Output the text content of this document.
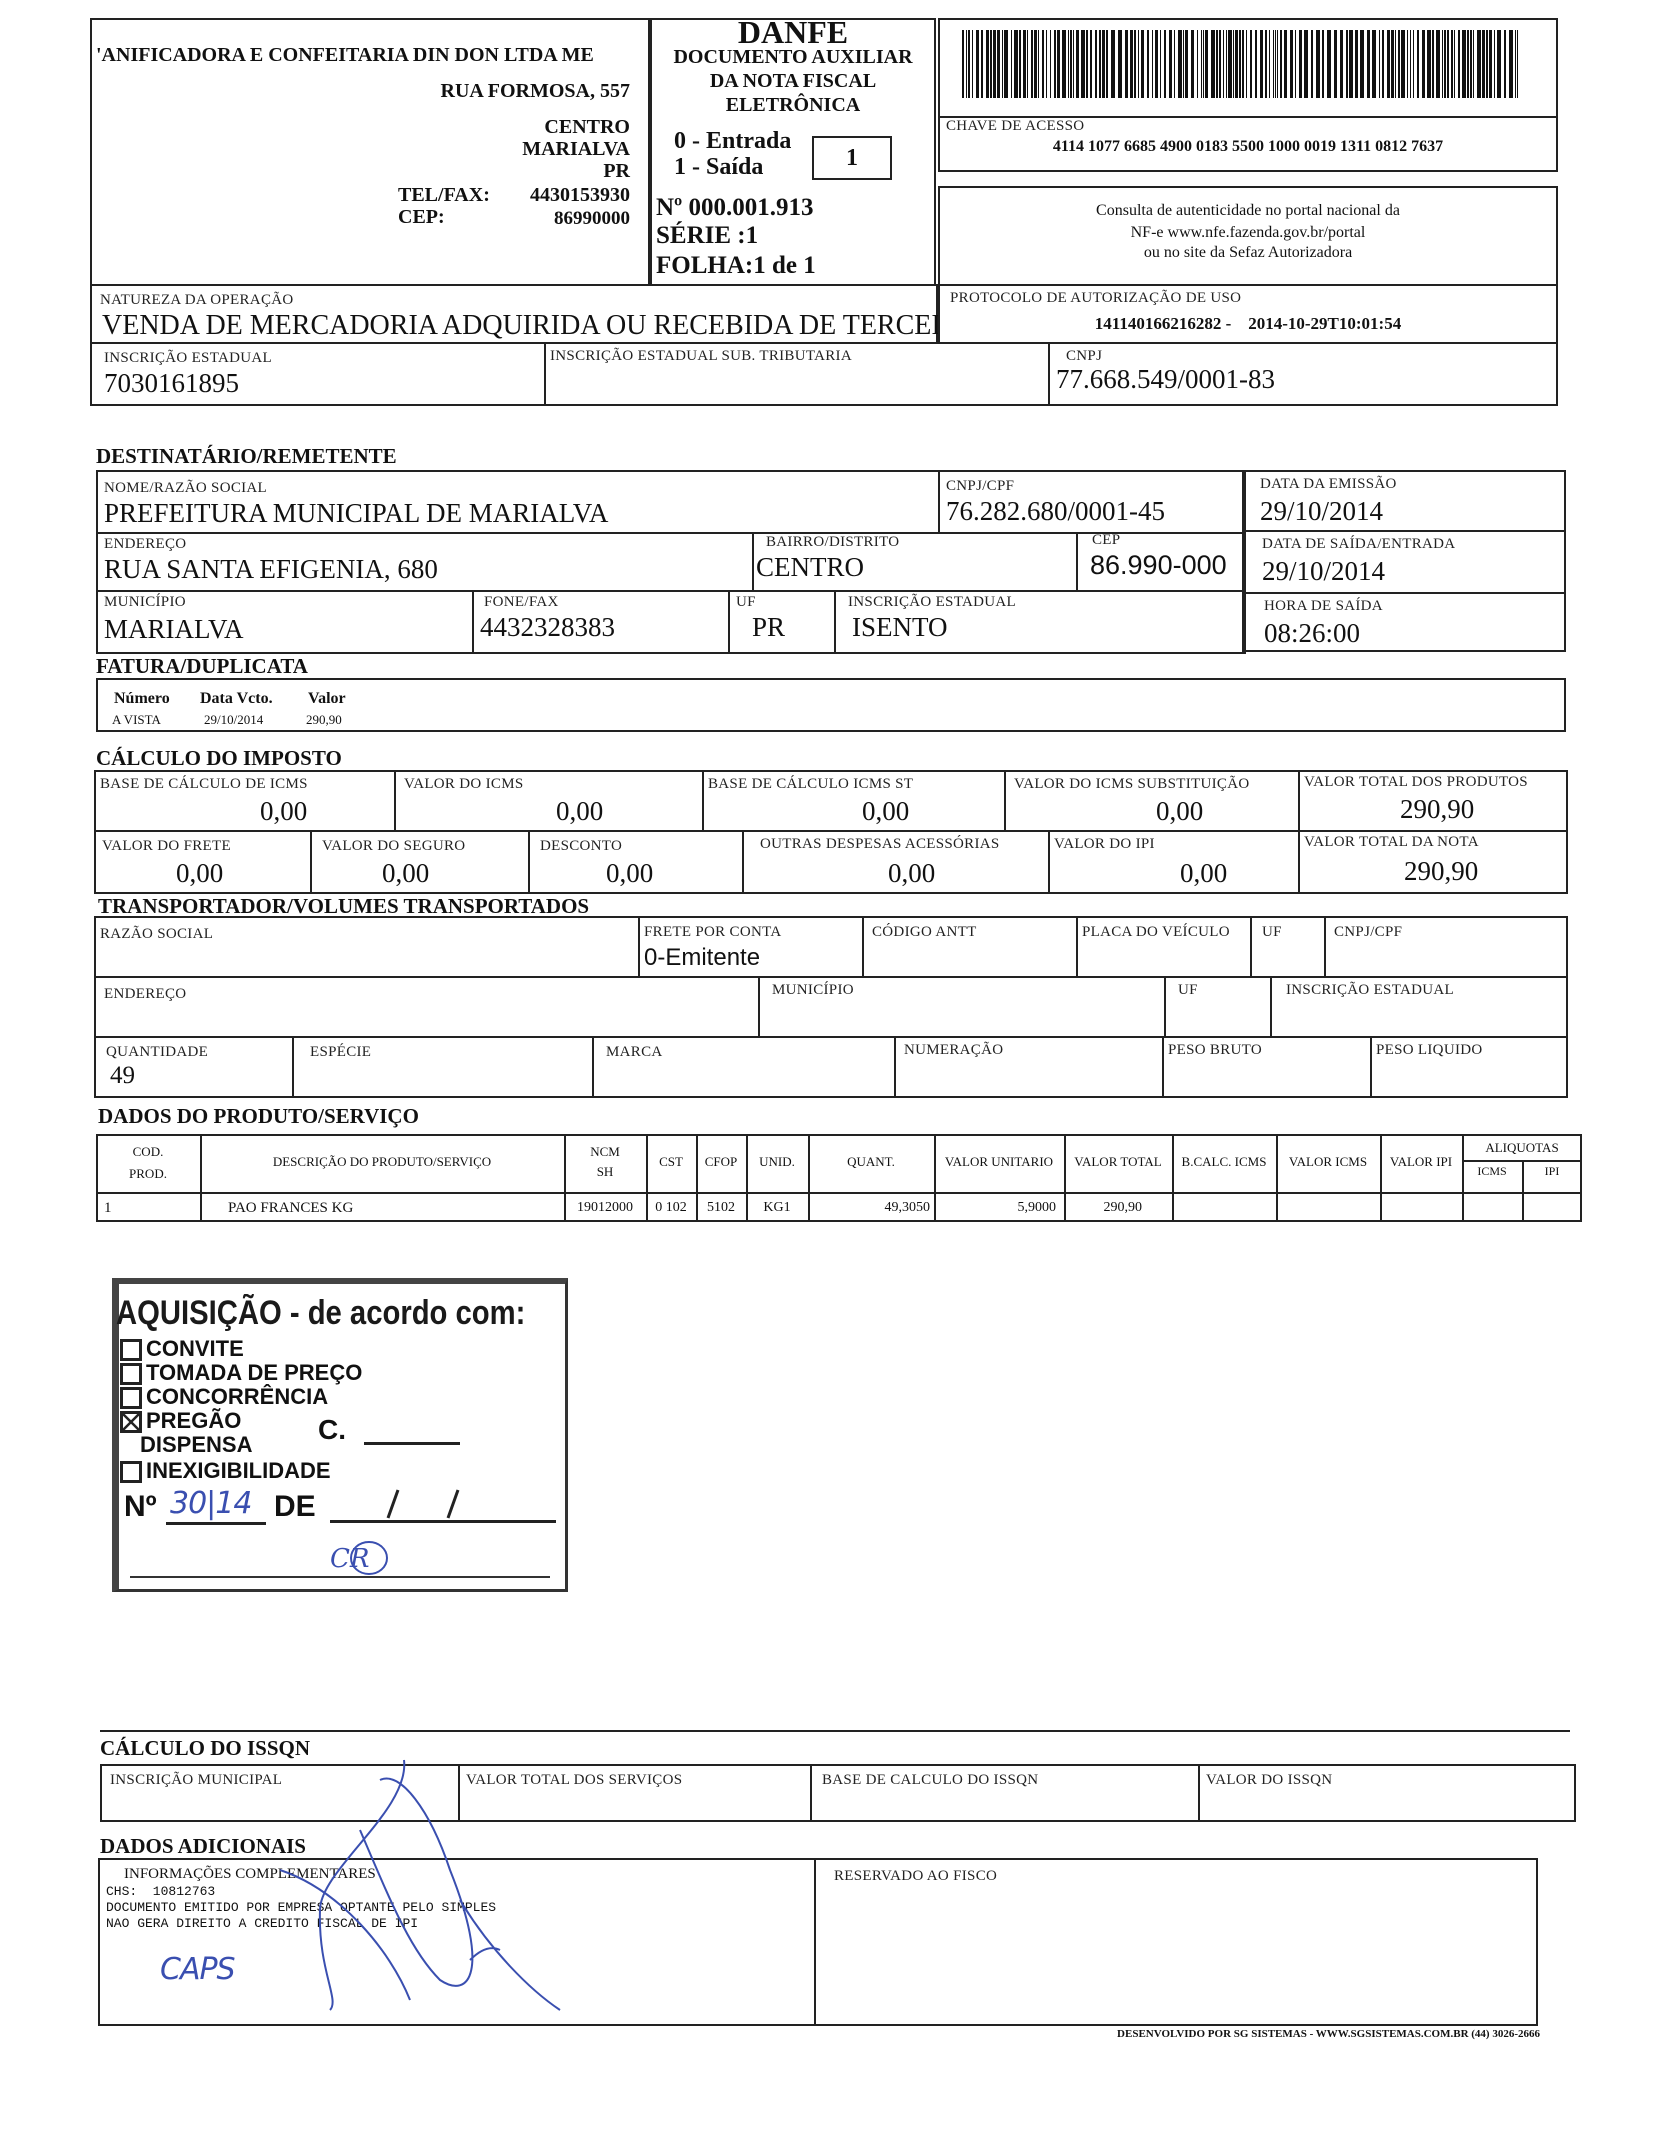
'ANIFICADORA E CONFEITARIA DIN DON LTDA ME
RUA FORMOSA, 557
CENTRO
MARIALVA
PR
TEL/FAX:	4430153930
CEP:	86990000
DANFE
DOCUMENTO AUXILIAR
DA NOTA FISCAL
ELETRÔNICA
0 - Entrada
1 - Saída	1
Nº 000.001.913
SÉRIE :1
FOLHA:1 de 1
CHAVE DE ACESSO
4114 1077 6685 4900 0183 5500 1000 0019 1311 0812 7637
Consulta de autenticidade no portal nacional da
NF-e www.nfe.fazenda.gov.br/portal
ou no site da Sefaz Autorizadora
NATUREZA DA OPERAÇÃO
VENDA DE MERCADORIA ADQUIRIDA OU RECEBIDA DE TERCEI
PROTOCOLO DE AUTORIZAÇÃO DE USO
141140166216282 -    2014-10-29T10:01:54
INSCRIÇÃO ESTADUAL
7030161895
INSCRIÇÃO ESTADUAL SUB. TRIBUTARIA	CNPJ
77.668.549/0001-83
DESTINATÁRIO/REMETENTE
NOME/RAZÃO SOCIAL
PREFEITURA MUNICIPAL DE MARIALVA
CNPJ/CPF
76.282.680/0001-45
DATA DA EMISSÃO
29/10/2014
ENDEREÇO
RUA SANTA EFIGENIA, 680
BAIRRO/DISTRITO
CENTRO
CEP
86.990-000
DATA DE SAÍDA/ENTRADA
29/10/2014
MUNICÍPIO
MARIALVA
FONE/FAX
4432328383
UF
PR
INSCRIÇÃO ESTADUAL
ISENTO
HORA DE SAÍDA
08:26:00
FATURA/DUPLICATA
Número Data Vcto. Valor
A VISTA	29/10/2014	290,90
CÁLCULO DO IMPOSTO
BASE DE CÁLCULO DE ICMS
0,00
VALOR DO ICMS
0,00
BASE DE CÁLCULO ICMS ST
0,00
VALOR DO ICMS SUBSTITUIÇÃO
0,00
VALOR TOTAL DOS PRODUTOS
290,90
VALOR DO FRETE
0,00
VALOR DO SEGURO
0,00
DESCONTO
0,00
OUTRAS DESPESAS ACESSÓRIAS
0,00
VALOR DO IPI
0,00
VALOR TOTAL DA NOTA
290,90
TRANSPORTADOR/VOLUMES TRANSPORTADOS
RAZÃO SOCIAL	FRETE POR CONTA
0-Emitente
CÓDIGO ANTT	PLACA DO VEÍCULO UF	CNPJ/CPF
ENDEREÇO	MUNICÍPIO	UF	INSCRIÇÃO ESTADUAL
QUANTIDADE
49
ESPÉCIE	MARCA	NUMERAÇÃO	PESO BRUTO	PESO LIQUIDO
DADOS DO PRODUTO/SERVIÇO
COD.
PROD.
DESCRIÇÃO DO PRODUTO/SERVIÇO
NCM
SH
CST	CFOP	UNID.	QUANT.	VALOR UNITARIO	VALOR TOTAL	B.CALC. ICMS	VALOR ICMS	VALOR IPI
ALIQUOTAS
ICMS	IPI
1	PAO FRANCES KG	19012000	0 102	5102	KG1	49,3050	5,9000	290,90
AQUISIÇÃO - de acordo com:
CONVITE
TOMADA DE PREÇO
CONCORRÊNCIA
PREGÃO	C.
DISPENSA
INEXIGIBILIDADE
Nº 30|14 DE
CR
CÁLCULO DO ISSQN
INSCRIÇÃO MUNICIPAL	VALOR TOTAL DOS SERVIÇOS	BASE DE CALCULO DO ISSQN	VALOR DO ISSQN
DADOS ADICIONAIS
INFORMAÇÕES COMPLEMENTARES
CHS:  10812763
DOCUMENTO EMITIDO POR EMPRESA OPTANTE PELO SIMPLES
NAO GERA DIREITO A CREDITO FISCAL DE IPI
CAPS
RESERVADO AO FISCO
DESENVOLVIDO POR SG SISTEMAS - WWW.SGSISTEMAS.COM.BR (44) 3026-2666
